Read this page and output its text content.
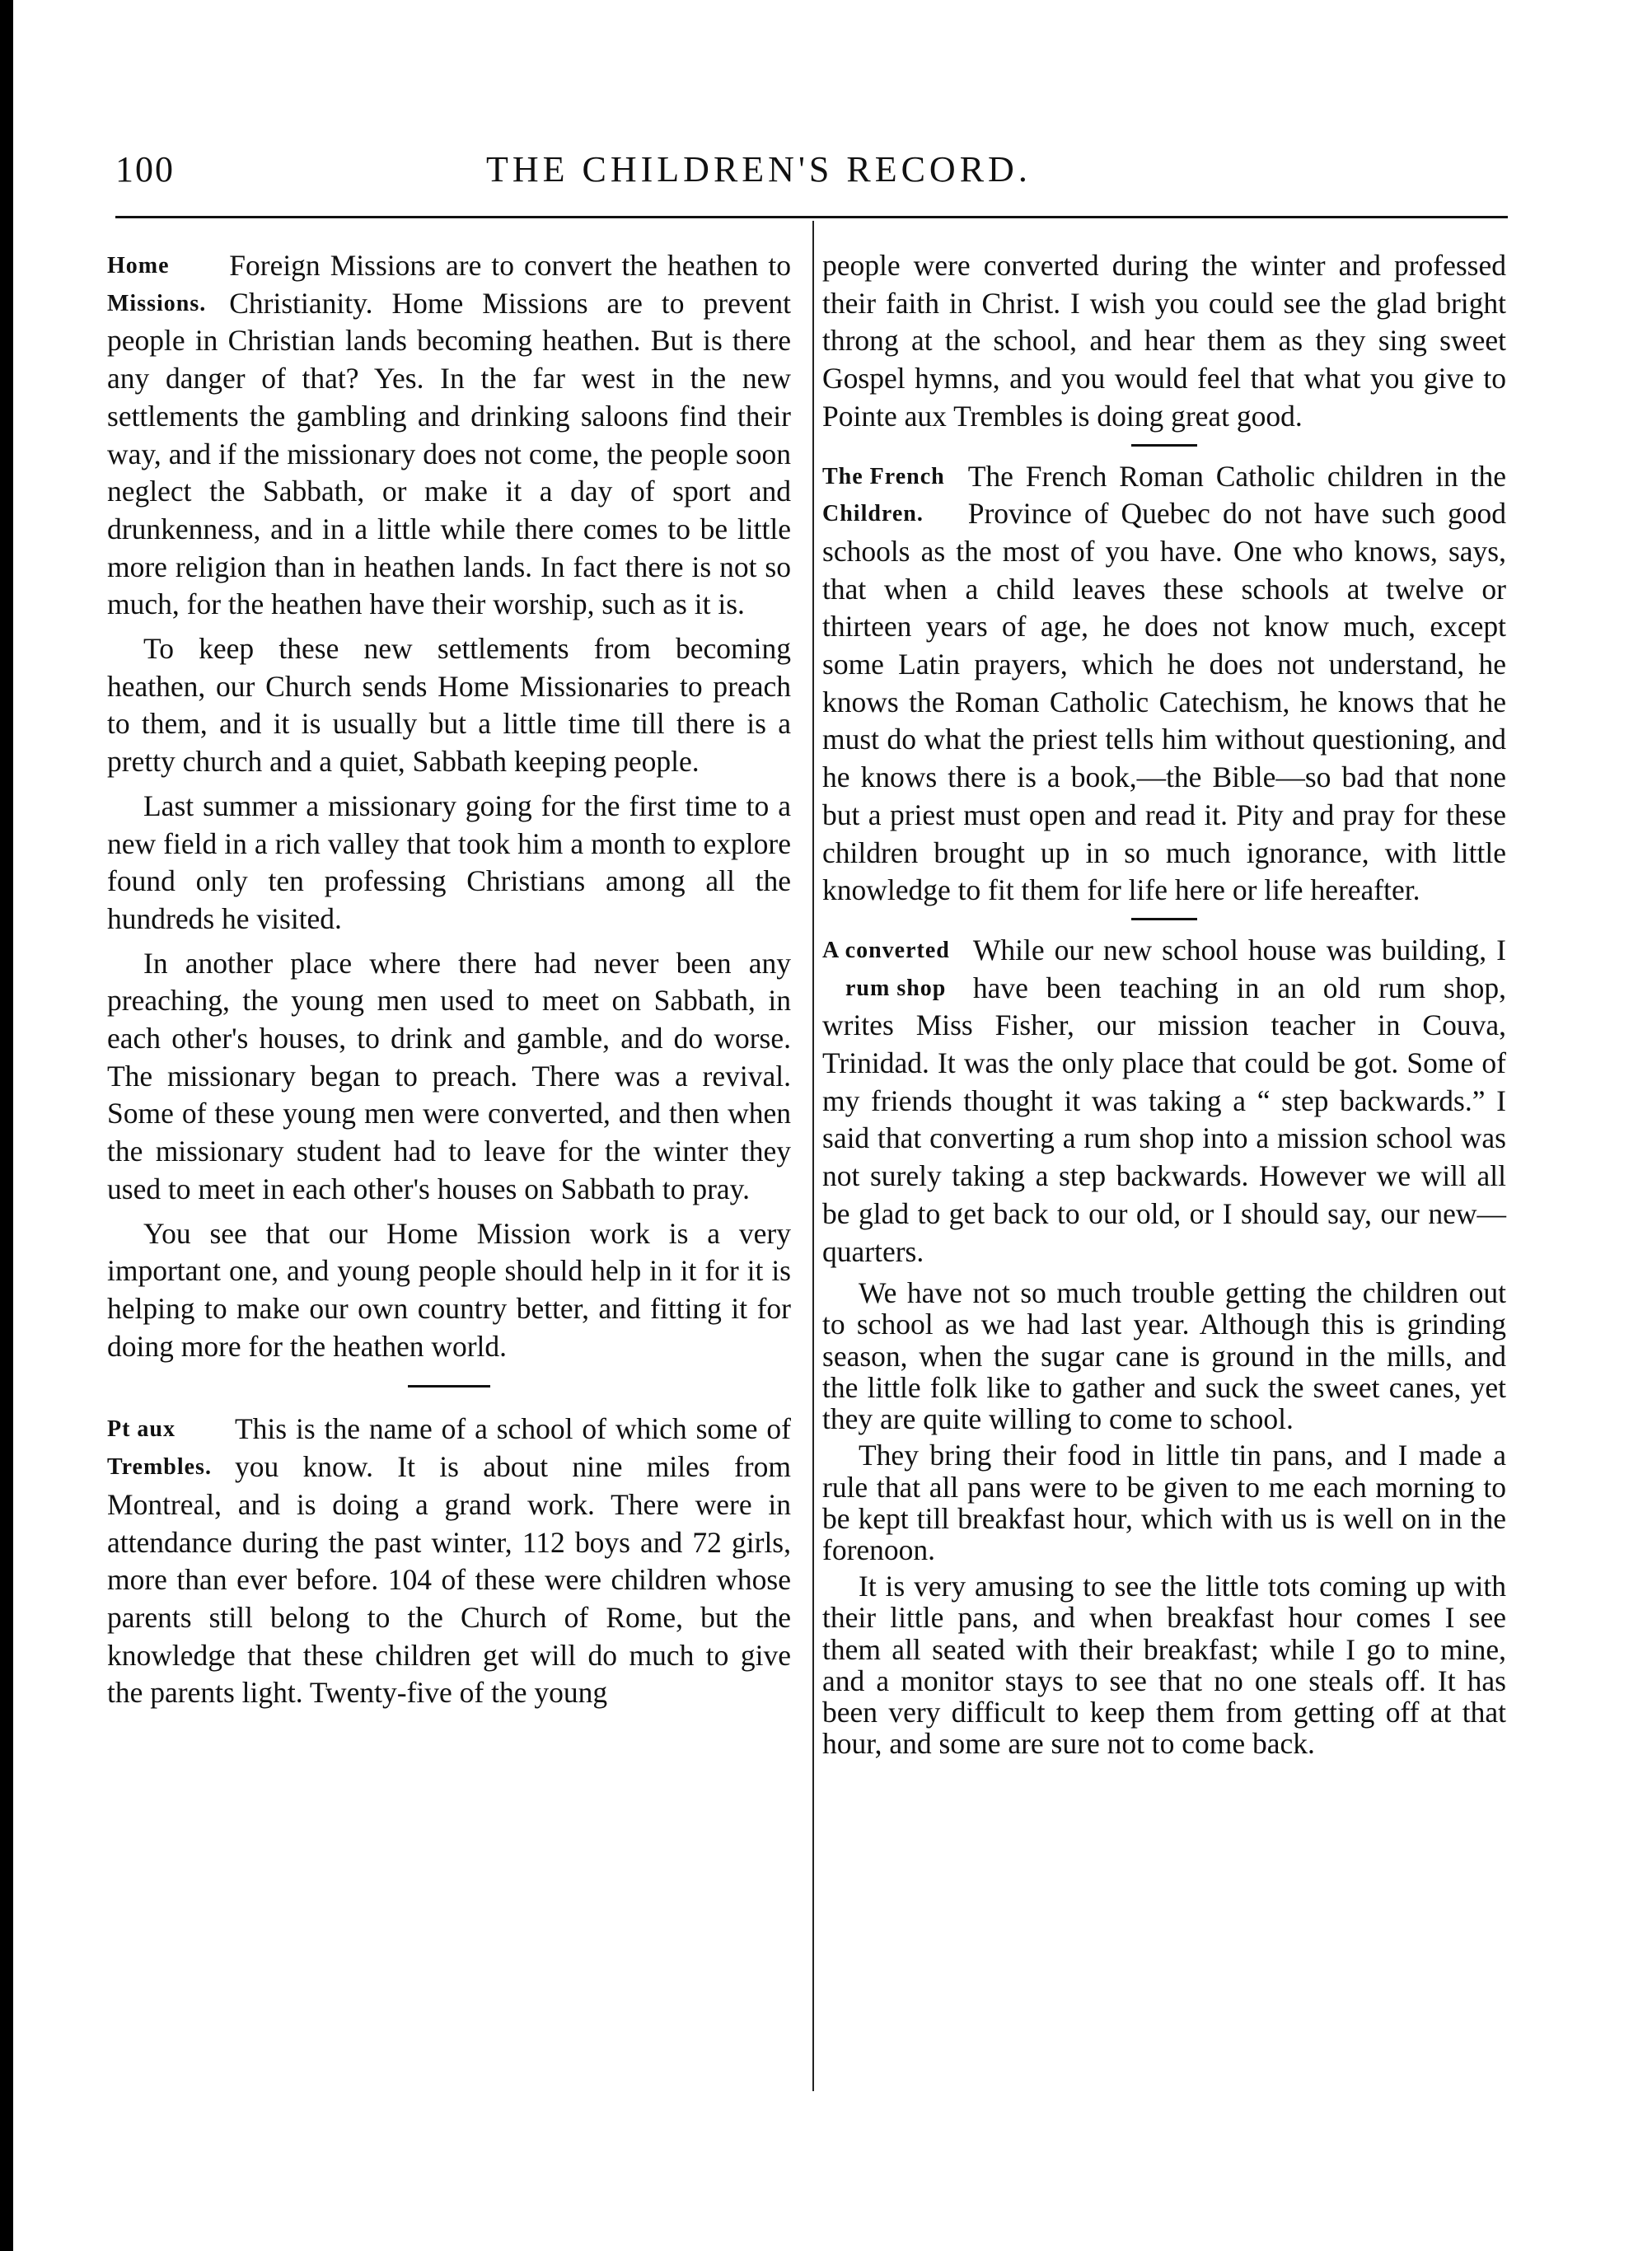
100	THE CHILDREN'S RECORD.

Home
Missions.
Foreign Missions are to convert the heathen to Christianity. Home Missions are to prevent people in Christian lands becoming heathen. But is there any danger of that? Yes. In the far west in the new settlements the gambling and drinking saloons find their way, and if the missionary does not come, the people soon neglect the Sabbath, or make it a day of sport and drunkenness, and in a little while there comes to be little more religion than in heathen lands. In fact there is not so much, for the heathen have their worship, such as it is.

To keep these new settlements from becoming heathen, our Church sends Home Missionaries to preach to them, and it is usually but a little time till there is a pretty church and a quiet, Sabbath keeping people.

Last summer a missionary going for the first time to a new field in a rich valley that took him a month to explore found only ten professing Christians among all the hundreds he visited.

In another place where there had never been any preaching, the young men used to meet on Sabbath, in each other's houses, to drink and gamble, and do worse. The missionary began to preach. There was a revival. Some of these young men were converted, and then when the missionary student had to leave for the winter they used to meet in each other's houses on Sabbath to pray.

You see that our Home Mission work is a very important one, and young people should help in it for it is helping to make our own country better, and fitting it for doing more for the heathen world.

Pt aux
Trembles.
This is the name of a school of which some of you know. It is about nine miles from Montreal, and is doing a grand work. There were in attendance during the past winter, 112 boys and 72 girls, more than ever before. 104 of these were children whose parents still belong to the Church of Rome, but the knowledge that these children get will do much to give the parents light. Twenty-five of the young

people were converted during the winter and professed their faith in Christ. I wish you could see the glad bright throng at the school, and hear them as they sing sweet Gospel hymns, and you would feel that what you give to Pointe aux Trembles is doing great good.

The French
Children.
The French Roman Catholic children in the Province of Quebec do not have such good schools as the most of you have. One who knows, says, that when a child leaves these schools at twelve or thirteen years of age, he does not know much, except some Latin prayers, which he does not understand, he knows the Roman Catholic Catechism, he knows that he must do what the priest tells him without questioning, and he knows there is a book,—the Bible—so bad that none but a priest must open and read it. Pity and pray for these children brought up in so much ignorance, with little knowledge to fit them for life here or life hereafter.

A converted
rum shop
While our new school house was building, I have been teaching in an old rum shop, writes Miss Fisher, our mission teacher in Couva, Trinidad. It was the only place that could be got. Some of my friends thought it was taking a “ step backwards.” I said that converting a rum shop into a mission school was not surely taking a step backwards. However we will all be glad to get back to our old, or I should say, our new—quarters.

We have not so much trouble getting the children out to school as we had last year. Although this is grinding season, when the sugar cane is ground in the mills, and the little folk like to gather and suck the sweet canes, yet they are quite willing to come to school.

They bring their food in little tin pans, and I made a rule that all pans were to be given to me each morning to be kept till breakfast hour, which with us is well on in the forenoon.

It is very amusing to see the little tots coming up with their little pans, and when breakfast hour comes I see them all seated with their breakfast; while I go to mine, and a monitor stays to see that no one steals off. It has been very difficult to keep them from getting off at that hour, and some are sure not to come back.
